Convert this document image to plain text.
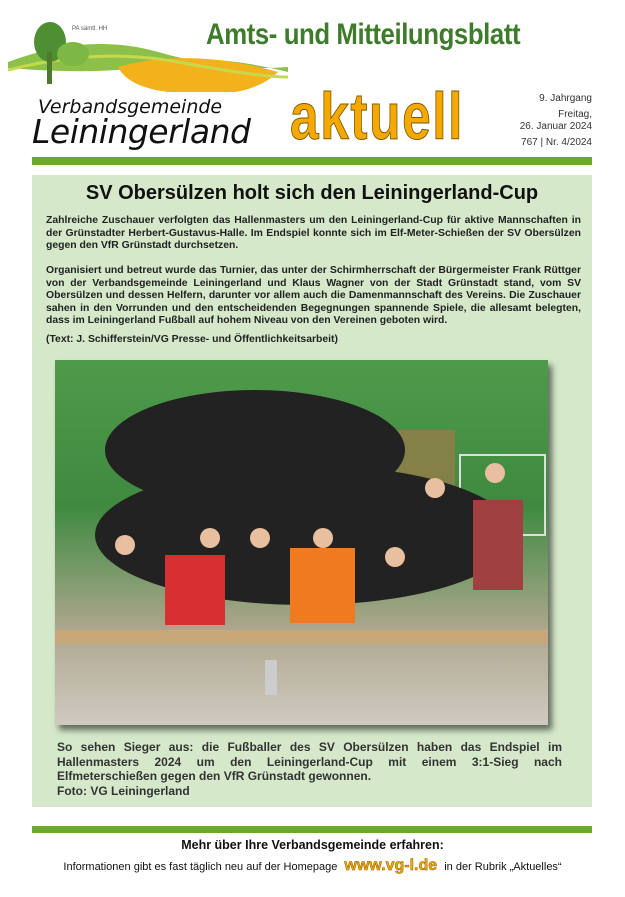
PA sämtl. HH	Amts- und Mitteilungsblatt
Verbandsgemeinde
Leiningerland aktuell	9. Jahrgang
Freitag,
26. Januar 2024
767 | Nr. 4/2024
SV Obersülzen holt sich den Leiningerland-Cup
Zahlreiche Zuschauer verfolgten das Hallenmasters um den Leiningerland-Cup für aktive Mannschaften in der Grünstadter Herbert-Gustavus-Halle. Im Endspiel konnte sich im Elf-Meter-Schießen der SV Obersülzen gegen den VfR Grünstadt durchsetzen.
Organisiert und betreut wurde das Turnier, das unter der Schirmherrschaft der Bürgermeister Frank Rüttger von der Verbandsgemeinde Leiningerland und Klaus Wagner von der Stadt Grünstadt stand, vom SV Obersülzen und dessen Helfern, darunter vor allem auch die Damenmannschaft des Vereins. Die Zuschauer sahen in den Vorrunden und den entscheidenden Begegnungen spannende Spiele, die allesamt belegten, dass im Leiningerland Fußball auf hohem Niveau von den Vereinen geboten wird.
(Text: J. Schifferstein/VG Presse- und Öffentlichkeitsarbeit)
So sehen Sieger aus: die Fußballer des SV Obersülzen haben das Endspiel im Hallenmasters 2024 um den Leiningerland-Cup mit einem 3:1-Sieg nach Elfmeterschießen gegen den VfR Grünstadt gewonnen.
Foto: VG Leiningerland
Mehr über Ihre Verbandsgemeinde erfahren:
Informationen gibt es fast täglich neu auf der Homepage www.vg-l.de in der Rubrik „Aktuelles“
